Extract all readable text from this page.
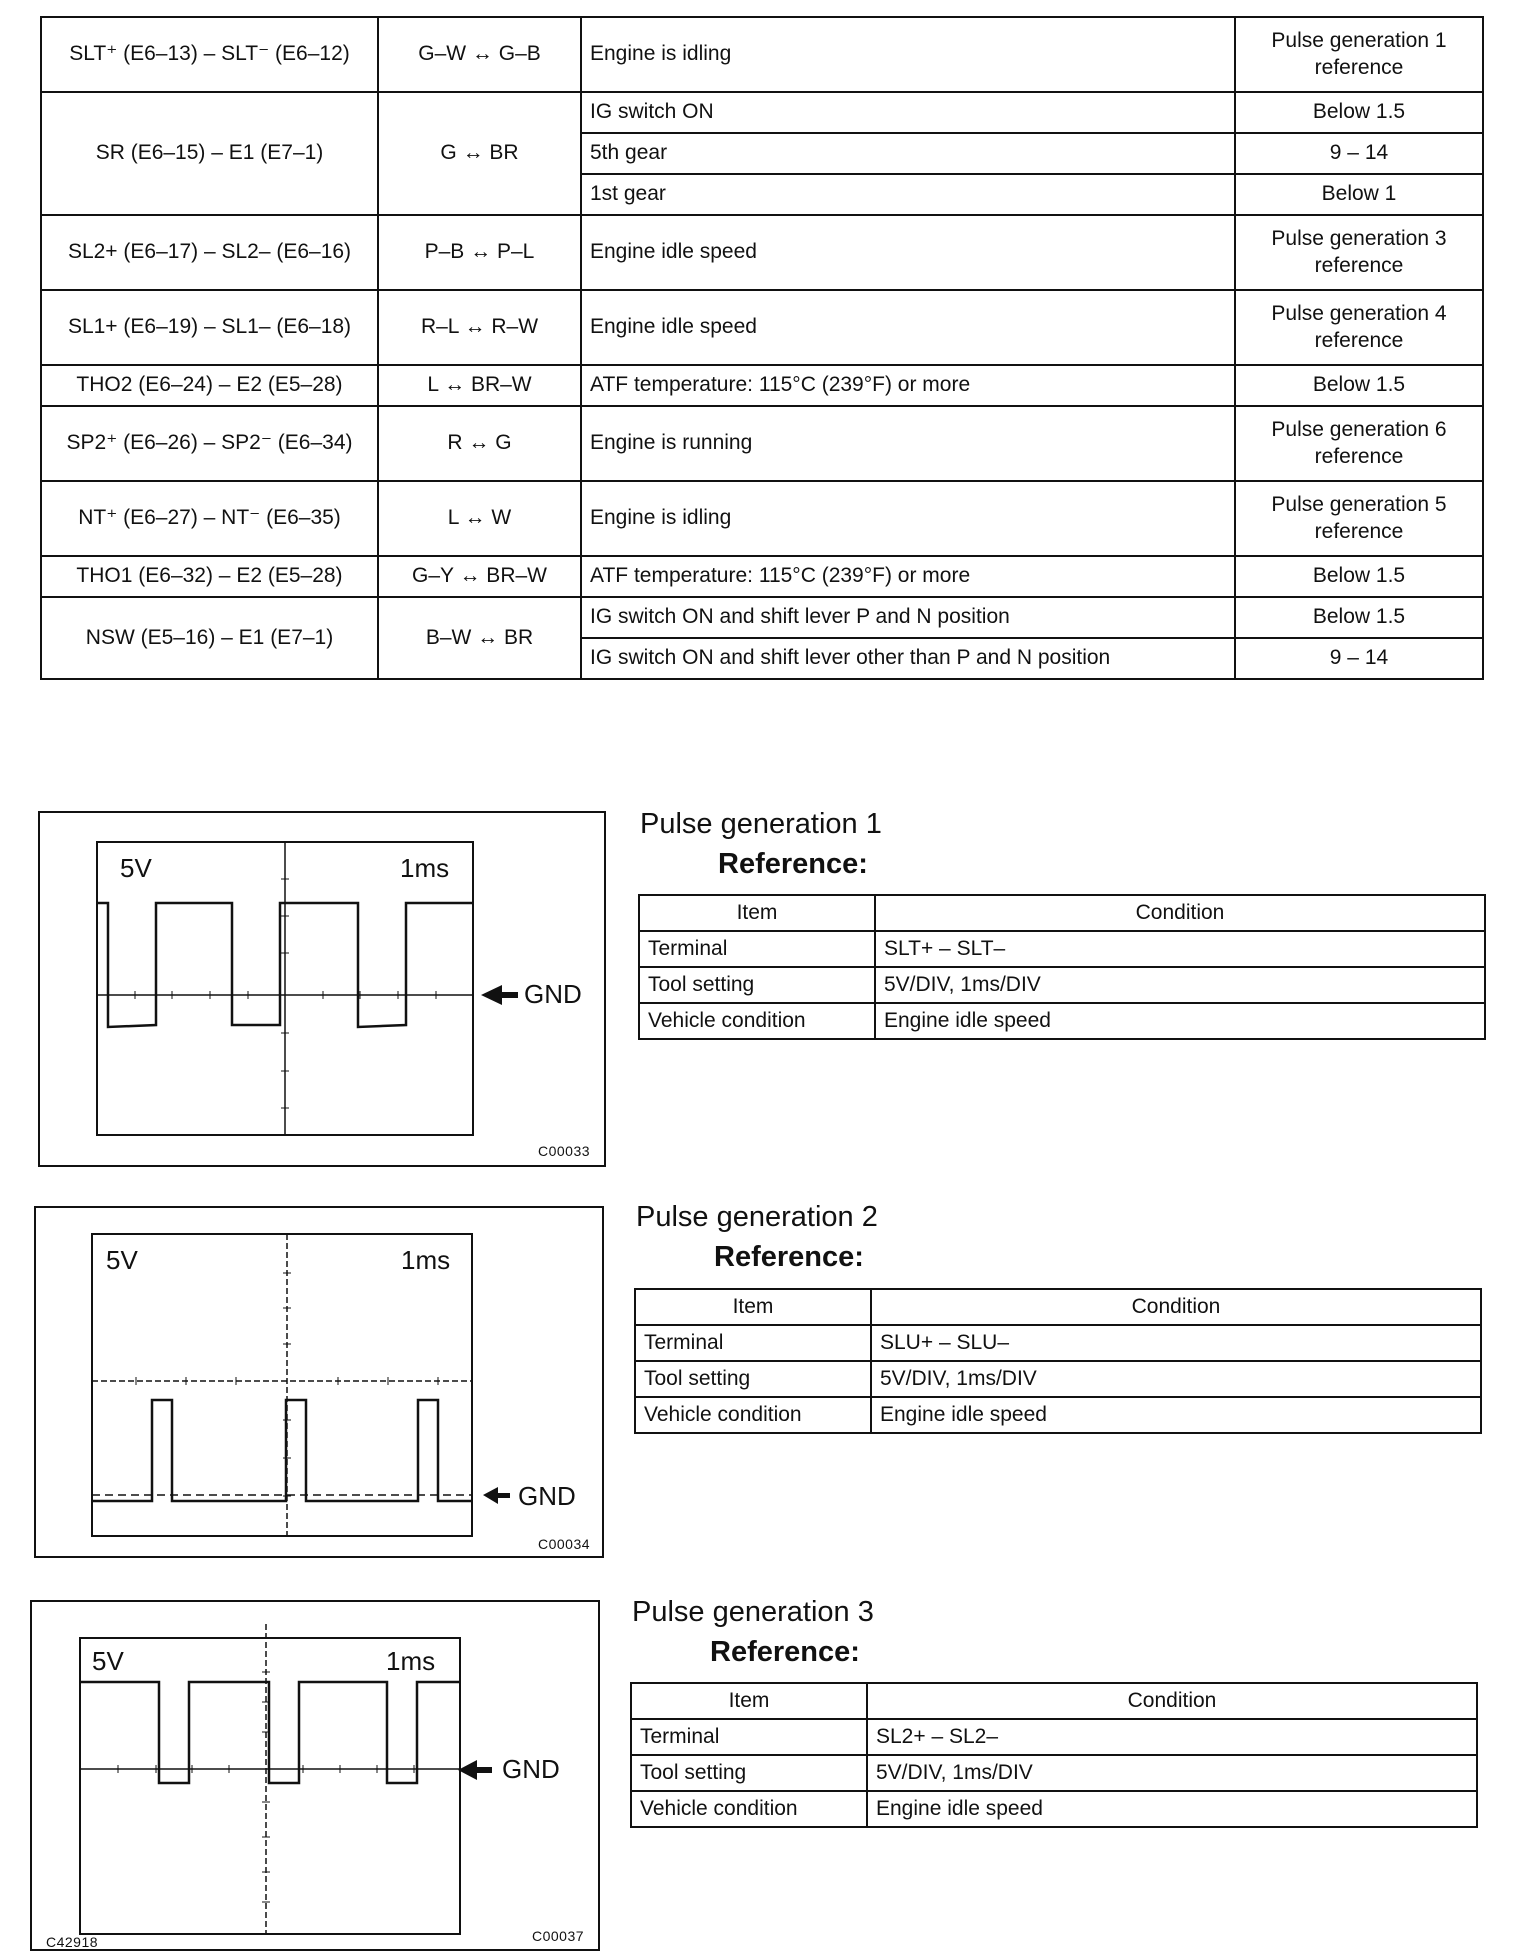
SLT⁺ (E6–13) – SLT⁻ (E6–12)	G–W ↔ G–B	Engine is idling	Pulse generation 1 reference
SR (E6–15) – E1 (E7–1)	G ↔ BR	IG switch ON	Below 1.5
		5th gear	9 – 14
		1st gear	Below 1
SL2+ (E6–17) – SL2– (E6–16)	P–B ↔ P–L	Engine idle speed	Pulse generation 3 reference
SL1+ (E6–19) – SL1– (E6–18)	R–L ↔ R–W	Engine idle speed	Pulse generation 4 reference
THO2 (E6–24) – E2 (E5–28)	L ↔ BR–W	ATF temperature: 115°C (239°F) or more	Below 1.5
SP2⁺ (E6–26) – SP2⁻ (E6–34)	R ↔ G	Engine is running	Pulse generation 6 reference
NT⁺ (E6–27) – NT⁻ (E6–35)	L ↔ W	Engine is idling	Pulse generation 5 reference
THO1 (E6–32) – E2 (E5–28)	G–Y ↔ BR–W	ATF temperature: 115°C (239°F) or more	Below 1.5
NSW (E5–16) – E1 (E7–1)	B–W ↔ BR	IG switch ON and shift lever P and N position	Below 1.5
		IG switch ON and shift lever other than P and N position	9 – 14
5V	1ms
GND
C00033
Pulse generation 1
Reference:
Item	Condition
Terminal	SLT+ – SLT–
Tool setting	5V/DIV, 1ms/DIV
Vehicle condition	Engine idle speed
5V	1ms
GND
C00034
Pulse generation 2
Reference:
Item	Condition
Terminal	SLU+ – SLU–
Tool setting	5V/DIV, 1ms/DIV
Vehicle condition	Engine idle speed
5V	1ms
GND
C00037
C42918
Pulse generation 3
Reference:
Item	Condition
Terminal	SL2+ – SL2–
Tool setting	5V/DIV, 1ms/DIV
Vehicle condition	Engine idle speed
